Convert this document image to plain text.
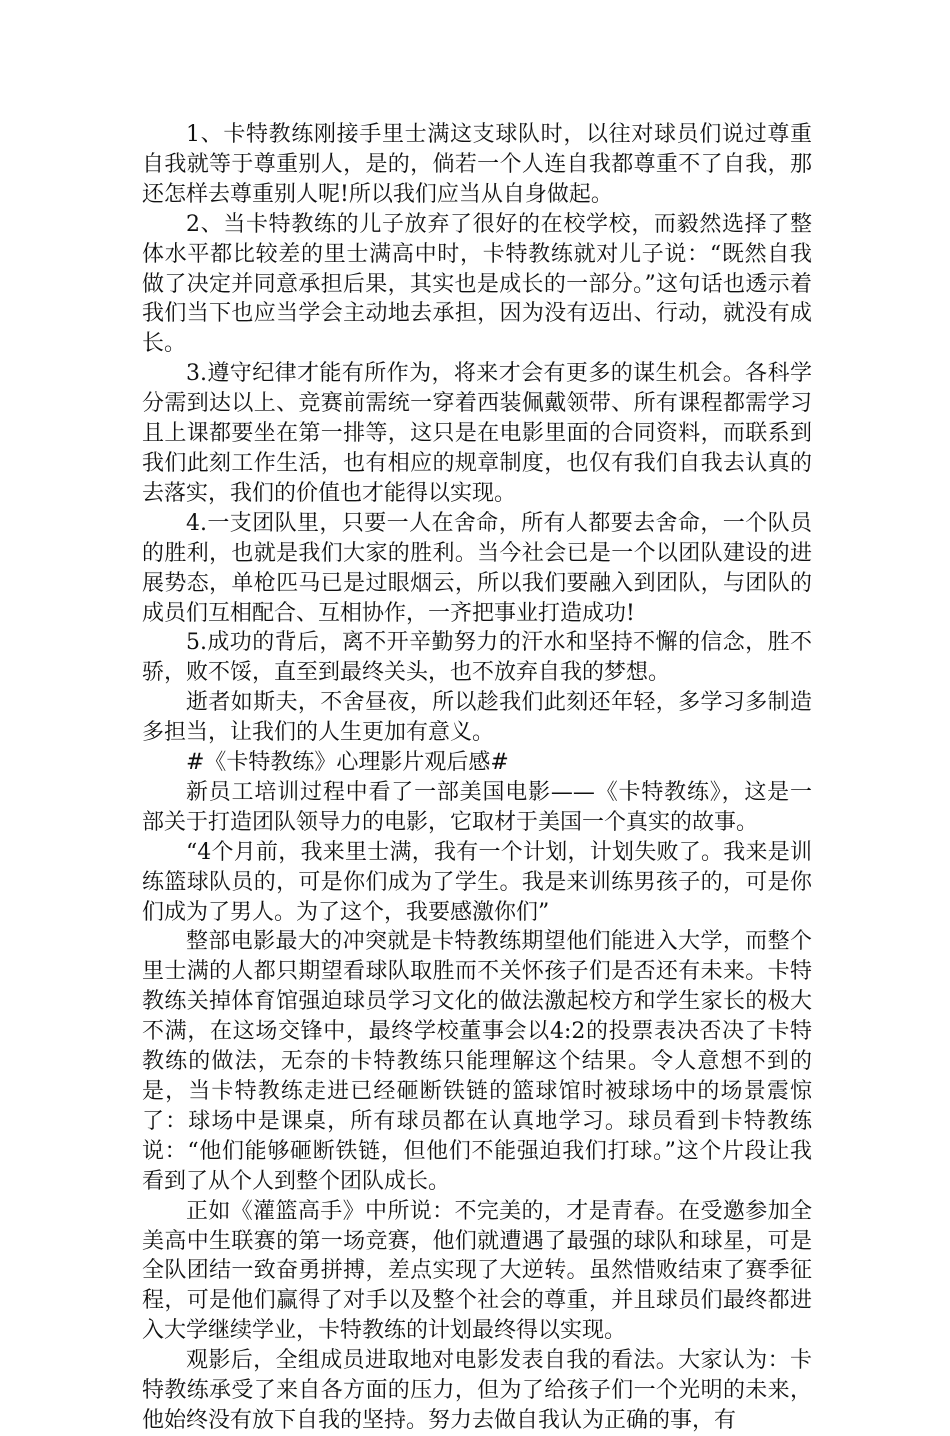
1、卡特教练刚接手里士满这支球队时，以往对球员们说过尊重自我就等于尊重别人，是的，倘若一个人连自我都尊重不了自我，那还怎样去尊重别人呢!所以我们应当从自身做起。

2、当卡特教练的儿子放弃了很好的在校学校，而毅然选择了整体水平都比较差的里士满高中时，卡特教练就对儿子说：“既然自我做了决定并同意承担后果，其实也是成长的一部分。”这句话也透示着我们当下也应当学会主动地去承担，因为没有迈出、行动，就没有成长。

3.遵守纪律才能有所作为，将来才会有更多的谋生机会。各科学分需到达以上、竞赛前需统一穿着西装佩戴领带、所有课程都需学习且上课都要坐在第一排等，这只是在电影里面的合同资料，而联系到我们此刻工作生活，也有相应的规章制度，也仅有我们自我去认真的去落实，我们的价值也才能得以实现。

4.一支团队里，只要一人在舍命，所有人都要去舍命，一个队员的胜利，也就是我们大家的胜利。当今社会已是一个以团队建设的进展势态，单枪匹马已是过眼烟云，所以我们要融入到团队，与团队的成员们互相配合、互相协作，一齐把事业打造成功!

5.成功的背后，离不开辛勤努力的汗水和坚持不懈的信念，胜不骄，败不馁，直至到最终关头，也不放弃自我的梦想。

逝者如斯夫，不舍昼夜，所以趁我们此刻还年轻，多学习多制造多担当，让我们的人生更加有意义。

#《卡特教练》心理影片观后感#

新员工培训过程中看了一部美国电影——《卡特教练》，这是一部关于打造团队领导力的电影，它取材于美国一个真实的故事。

“4个月前，我来里士满，我有一个计划，计划失败了。我来是训练篮球队员的，可是你们成为了学生。我是来训练男孩子的，可是你们成为了男人。为了这个，我要感激你们”

整部电影最大的冲突就是卡特教练期望他们能进入大学，而整个里士满的人都只期望看球队取胜而不关怀孩子们是否还有未来。卡特教练关掉体育馆强迫球员学习文化的做法激起校方和学生家长的极大不满，在这场交锋中，最终学校董事会以4:2的投票表决否决了卡特教练的做法，无奈的卡特教练只能理解这个结果。令人意想不到的是，当卡特教练走进已经砸断铁链的篮球馆时被球场中的场景震惊了：球场中是课桌，所有球员都在认真地学习。球员看到卡特教练说：“他们能够砸断铁链，但他们不能强迫我们打球。”这个片段让我看到了从个人到整个团队成长。

正如《灌篮高手》中所说：不完美的，才是青春。在受邀参加全美高中生联赛的第一场竞赛，他们就遭遇了最强的球队和球星，可是全队团结一致奋勇拼搏，差点实现了大逆转。虽然惜败结束了赛季征程，可是他们赢得了对手以及整个社会的尊重，并且球员们最终都进入大学继续学业，卡特教练的计划最终得以实现。

观影后，全组成员进取地对电影发表自我的看法。大家认为：卡特教练承受了来自各方面的压力，但为了给孩子们一个光明的未来，他始终没有放下自我的坚持。努力去做自我认为正确的事，有
